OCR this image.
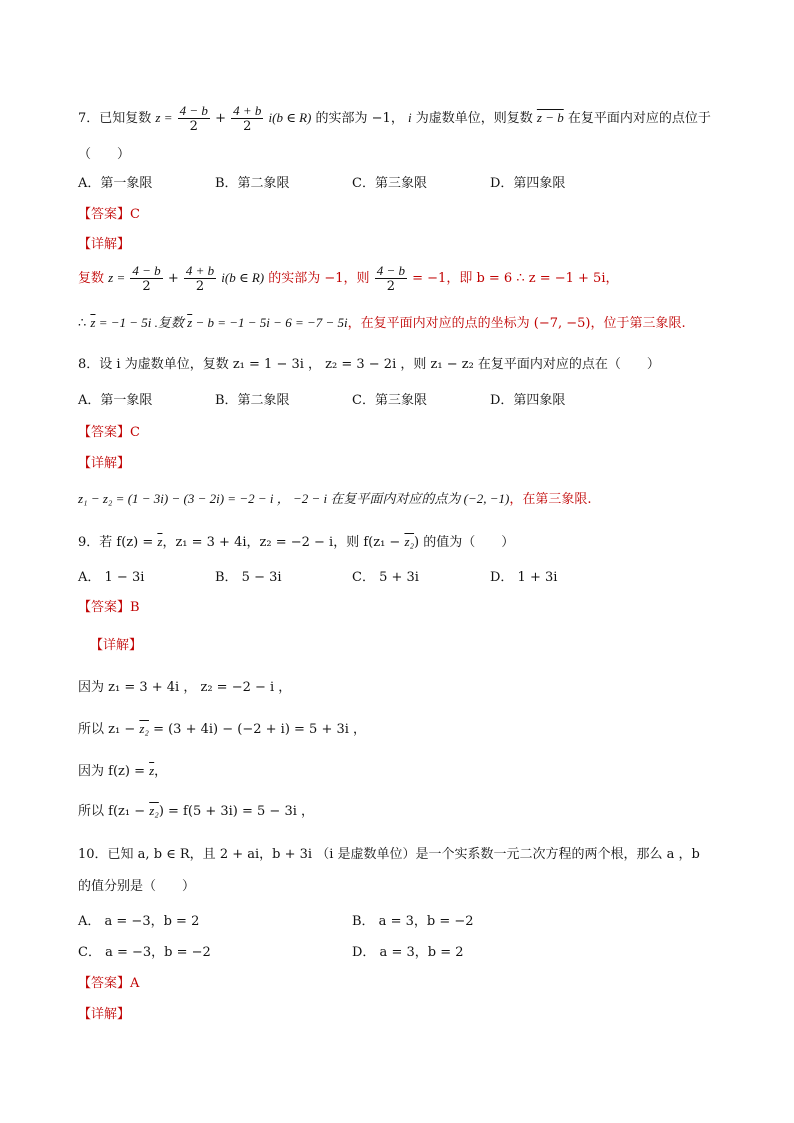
7．已知复数 $z = \frac{4 - b}{2} + \frac{4 + b}{2} i(b$ ∈ R) 的实部为 −1， i 为虚数单位，则复数 z − b 在复平面内对应的点位于
（　　）
A．第一象限	B．第二象限	C．第三象限	D．第四象限
【答案】C
【详解】
复数 $z = \frac{4 - b}{2} + \frac{4 + b}{2} i(b$ ∈ R) 的实部为 −1，则 $\frac{4 - b}{2} = -1$，即 b = 6 ∴ z = −1 + 5i，
∴ $\overline{z} = -1 - 5i$ .复数 $\overline{z} - b = -1 - 5i - 6 = -7 - 5i$，在复平面内对应的点的坐标为 (−7, −5)，位于第三象限.
8．设 i 为虚数单位，复数 z₁ = 1 − 3i ， z₂ = 3 − 2i ，则 z₁ − z₂ 在复平面内对应的点在（　　）
A．第一象限	B．第二象限	C．第三象限	D．第四象限
【答案】C
【详解】
z₁ − z₂ = (1 − 3i) − (3 − 2i) = −2 − i ， −2 − i 在复平面内对应的点为 (−2, −1)，在第三象限.
9．若 $f(z) = \overline{z}$，z₁ = 3 + 4i，z₂ = −2 − i，则 f(z₁ − z₂) 的值为（　　）
A． 1 − 3i	B． 5 − 3i	C． 5 + 3i	D． 1 + 3i
【答案】B
【详解】
因为 z₁ = 3 + 4i ， z₂ = −2 − i ，
所以 z₁ − z₂ = (3 + 4i) − (−2 + i) = 5 + 3i ，
因为 $f(z) = \overline{z}$，
所以 f(z₁ − z₂) = f(5 + 3i) = 5 − 3i ，
10．已知 a, b ∈ R，且 2 + ai，b + 3i （i 是虚数单位）是一个实系数一元二次方程的两个根，那么 a ，b
的值分别是（　　）
A． a = −3，b = 2	B． a = 3，b = −2
C． a = −3，b = −2	D． a = 3，b = 2
【答案】A
【详解】
